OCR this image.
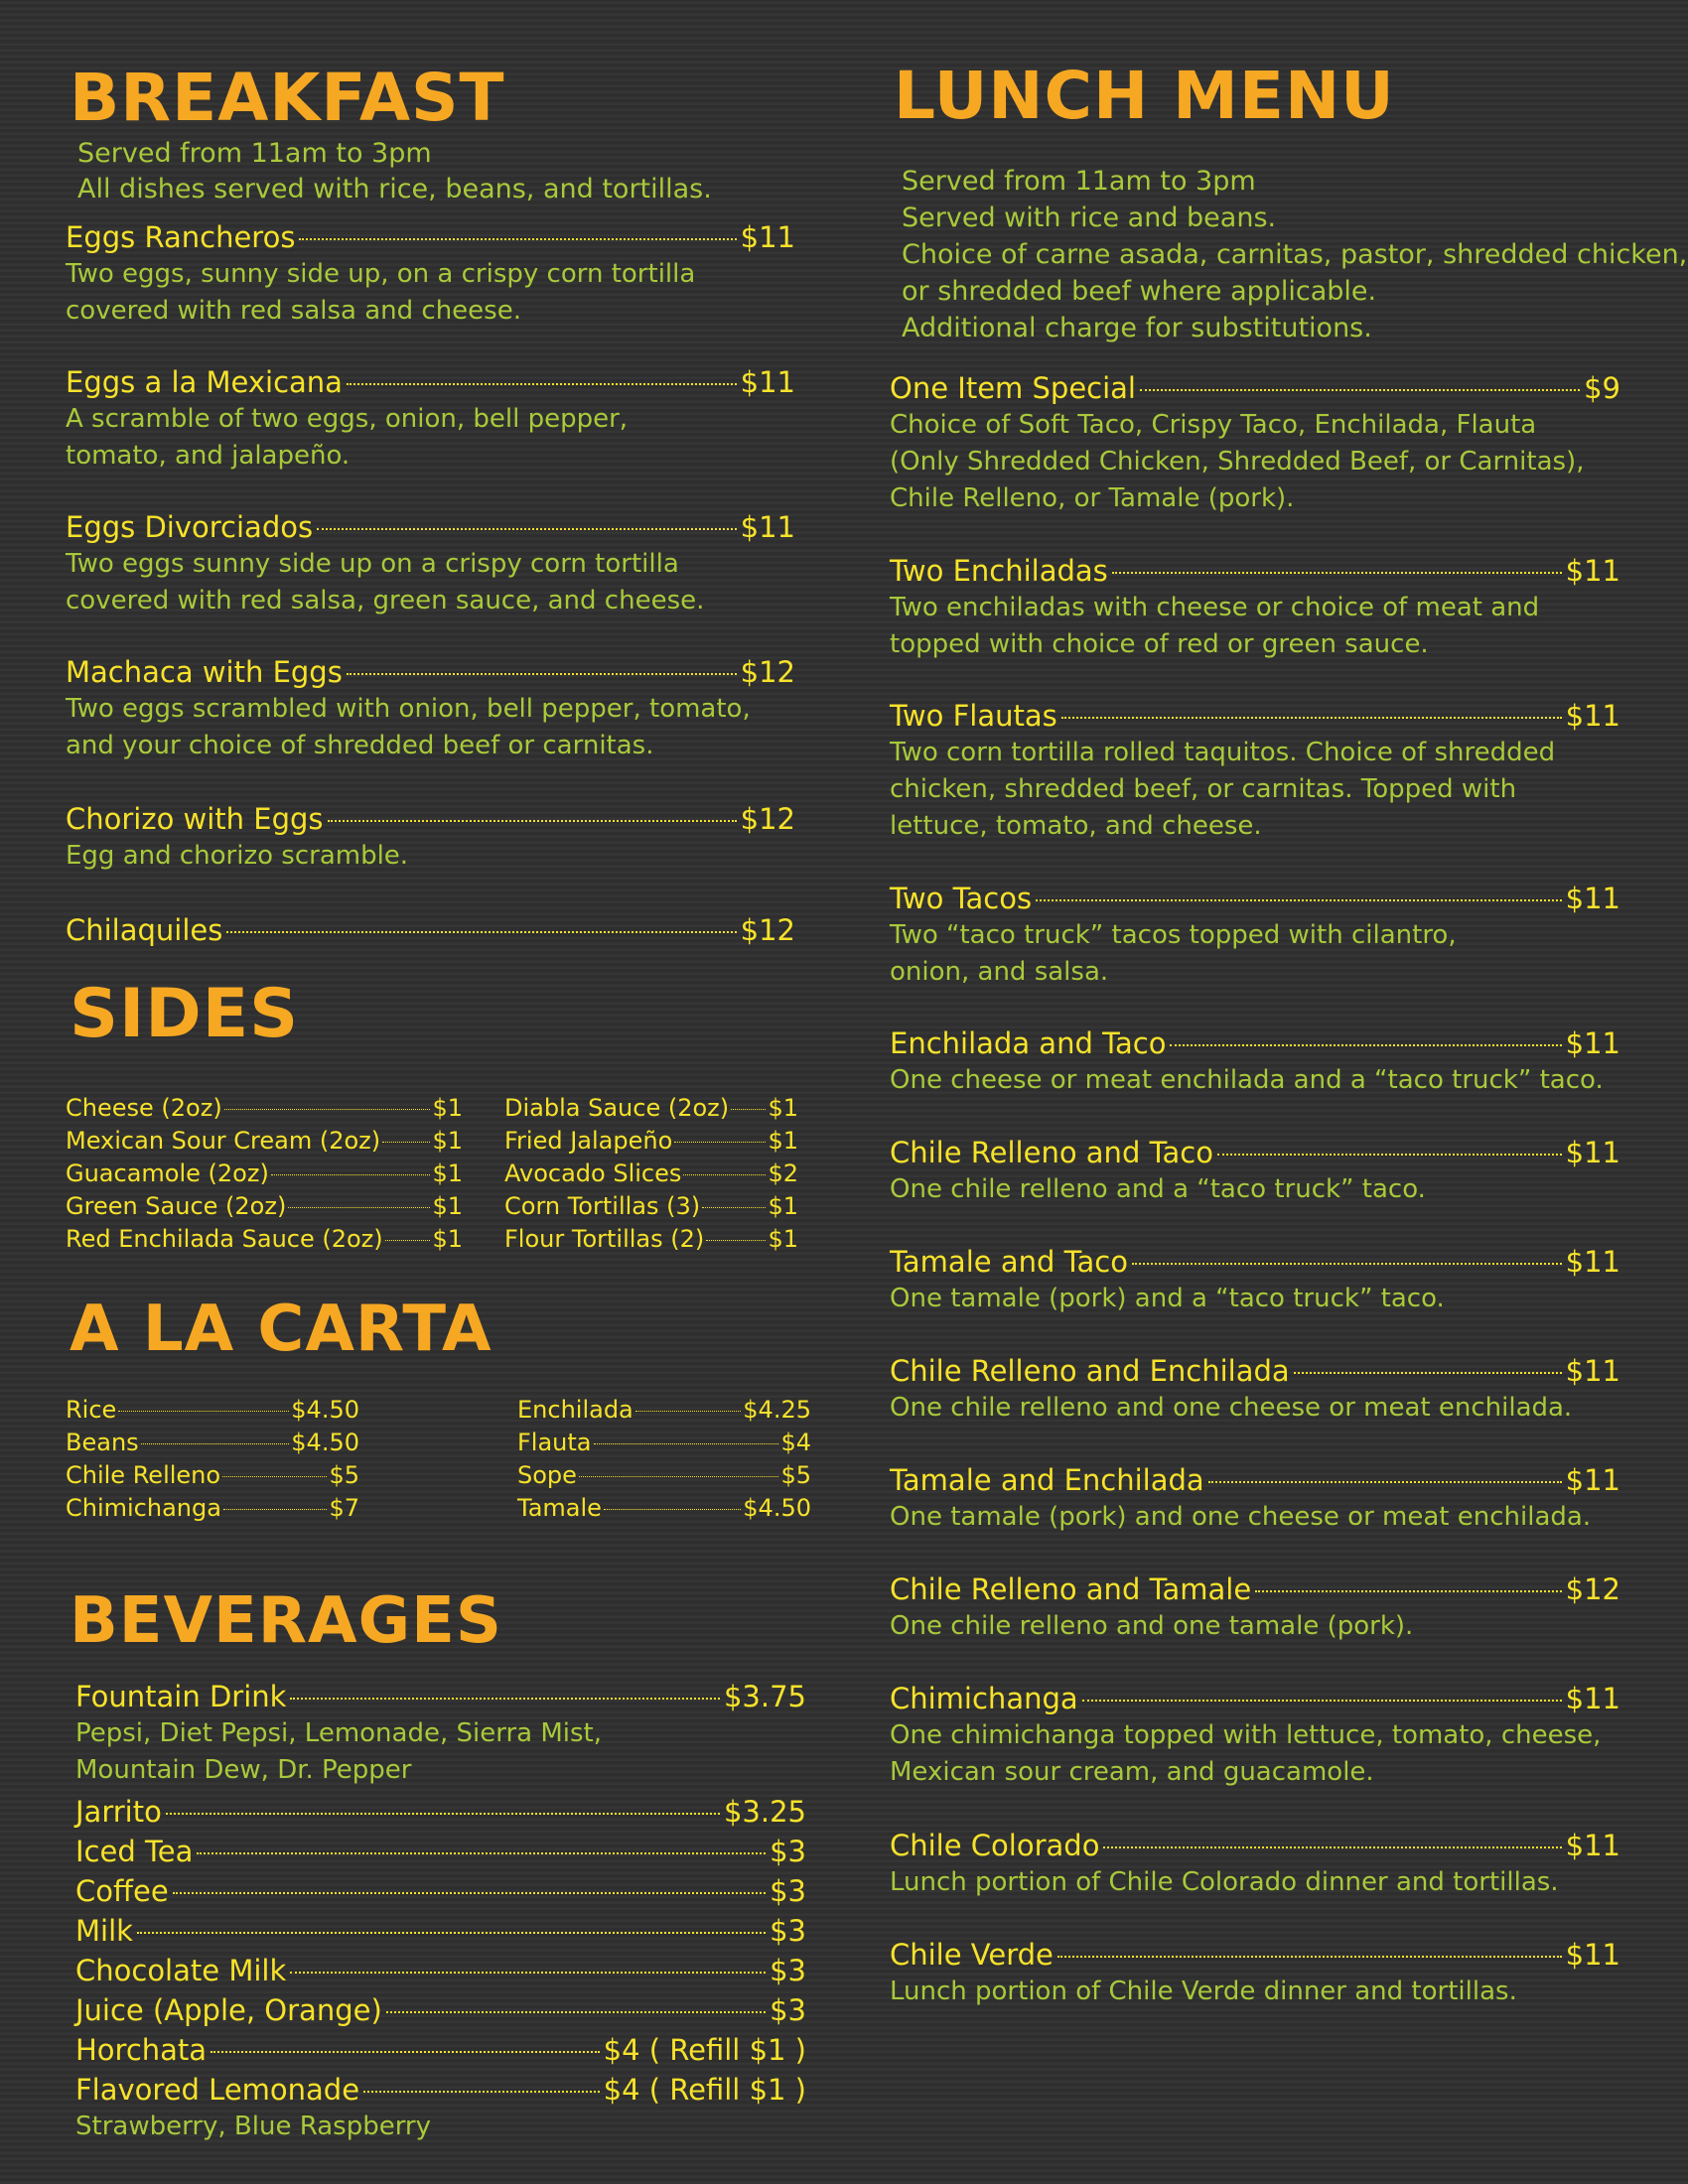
BREAKFAST

Served from 11am to 3pm

All dishes served with rice, beans, and tortillas.

Eggs Rancheros	$11

Two eggs, sunny side up, on a crispy corn tortilla

covered with red salsa and cheese.

Eggs a la Mexicana	$11

A scramble of two eggs, onion, bell pepper,

tomato, and jalapeño.

Eggs Divorciados	$11

Two eggs sunny side up on a crispy corn tortilla

covered with red salsa, green sauce, and cheese.

Machaca with Eggs	$12

Two eggs scrambled with onion, bell pepper, tomato,

and your choice of shredded beef or carnitas.

Chorizo with Eggs	$12

Egg and chorizo scramble.

Chilaquiles	$12
SIDES
Cheese (2oz)	$1
Mexican Sour Cream (2oz) $1
Guacamole (2oz)	$1
Green Sauce (2oz)	$1
Red Enchilada Sauce (2oz) $1
Diabla Sauce (2oz) $1
Fried Jalapeño	$1
Avocado Slices	$2
Corn Tortillas (3)	$1
Flour Tortillas (2)	$1
A LA CARTA
Rice	$4.50
Beans	$4.50
Chile Relleno	$5
Chimichanga	$7
Enchilada	$4.25
Flauta	$4
Sope	$5
Tamale	$4.50
BEVERAGES
Fountain Drink	$3.75

Pepsi, Diet Pepsi, Lemonade, Sierra Mist,

Mountain Dew, Dr. Pepper

Jarrito	$3.25
Iced Tea	$3
Coffee	$3
Milk	$3
Chocolate Milk	$3
Juice (Apple, Orange)	$3
Horchata	$4 ( Refill $1 )
Flavored Lemonade	$4 ( Refill $1 )

Strawberry, Blue Raspberry

LUNCH MENU

Served from 11am to 3pm

Served with rice and beans.

Choice of carne asada, carnitas, pastor, shredded chicken,

or shredded beef where applicable.

Additional charge for substitutions.

One Item Special	$9

Choice of Soft Taco, Crispy Taco, Enchilada, Flauta

(Only Shredded Chicken, Shredded Beef, or Carnitas),

Chile Relleno, or Tamale (pork).

Two Enchiladas	$11

Two enchiladas with cheese or choice of meat and

topped with choice of red or green sauce.

Two Flautas	$11

Two corn tortilla rolled taquitos. Choice of shredded

chicken, shredded beef, or carnitas. Topped with

lettuce, tomato, and cheese.

Two Tacos	$11

Two “taco truck” tacos topped with cilantro,

onion, and salsa.

Enchilada and Taco	$11

One cheese or meat enchilada and a “taco truck” taco.

Chile Relleno and Taco	$11

One chile relleno and a “taco truck” taco.

Tamale and Taco	$11

One tamale (pork) and a “taco truck” taco.

Chile Relleno and Enchilada	$11

One chile relleno and one cheese or meat enchilada.

Tamale and Enchilada	$11

One tamale (pork) and one cheese or meat enchilada.

Chile Relleno and Tamale	$12

One chile relleno and one tamale (pork).

Chimichanga	$11

One chimichanga topped with lettuce, tomato, cheese,

Mexican sour cream, and guacamole.

Chile Colorado	$11

Lunch portion of Chile Colorado dinner and tortillas.

Chile Verde	$11

Lunch portion of Chile Verde dinner and tortillas.
